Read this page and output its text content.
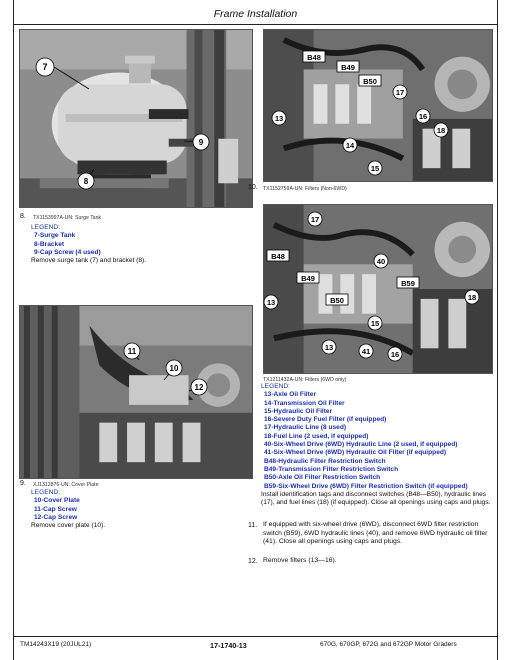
Frame Installation
7
9
8
8. TX1153997A-UN: Surge Tank
LEGEND:
7-Surge Tank
8-Bracket
9-Cap Screw (4 used)
Remove surge tank (7) and bracket (8).
11
10
12
9. XJ1312876-UN: Cover Plate
LEGEND:
10-Cover Plate
11-Cap Screw
12-Cap Screw
Remove cover plate (10).
B48
B49
B50
17
13
14
15
16
18
10. TX1152759A-UN: Filters (Non-6WD)
17
B48
B49
40
B59
18
13	B50
13	41
15
16
TX1211432A-UN: Filters (6WD only)
LEGEND:
13-Axle Oil Filter
14-Transmission Oil Filter
15-Hydraulic Oil Filter
16-Severe Duty Fuel Filter (if equipped)
17-Hydraulic Line (8 used)
18-Fuel Line (2 used, if equipped)
40-Six-Wheel Drive (6WD) Hydraulic Line (2 used, if equipped)
41-Six-Wheel Drive (6WD) Hydraulic Oil Filter (if equipped)
B48-Hydraulic Filter Restriction Switch
B49-Transmission Filter Restriction Switch
B50-Axle Oil Filter Restriction Switch
B59-Six-Wheel Drive (6WD) Filter Restriction Switch (if equipped)
Install identification tags and disconnect switches (B48—B50), hydraulic lines (17), and fuel lines (18) (if equipped). Close all openings using caps and plugs.
11. If equipped with six-wheel drive (6WD), disconnect 6WD filter restriction switch (B59), 6WD hydraulic lines (40), and remove 6WD hydraulic oil filter (41). Close all openings using caps and plugs.
12. Remove filters (13—16).
TM14243X19 (20JUL21)	17-1740-13	670G, 670GP, 672G and 672GP Motor Graders
